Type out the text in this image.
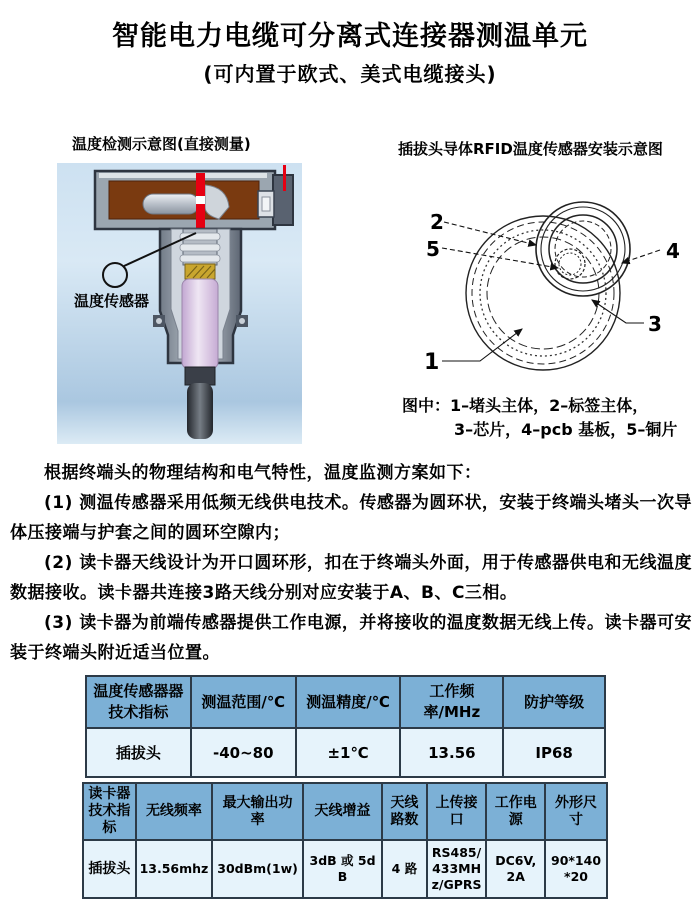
智能电力电缆可分离式连接器测温单元
(可内置于欧式、美式电缆接头)
温度检测示意图(直接测量)	插拔头导体RFID温度传感器安装示意图
温度传感器
2
5	4
3
1
图中：1–堵头主体，2–标签主体，
3–芯片，4–pcb 基板，5–铜片

根据终端头的物理结构和电气特性，温度监测方案如下：

(1) 测温传感器采用低频无线供电技术。传感器为圆环状，安装于终端头堵头一次导体压接端与护套之间的圆环空隙内；

(2) 读卡器天线设计为开口圆环形，扣在于终端头外面，用于传感器供电和无线温度数据接收。读卡器共连接3路天线分别对应安装于A、B、C三相。

(3) 读卡器为前端传感器提供工作电源，并将接收的温度数据无线上传。读卡器可安装于终端头附近适当位置。

温度传感器器技术指标	测温范围/℃	测温精度/℃	工作频率/MHz	防护等级
插拔头	-40~80	±1℃	13.56	IP68
读卡器技术指标	无线频率	最大输出功率	天线增益	天线路数	上传接口	工作电源	外形尺寸
插拔头	13.56mhz	30dBm(1w)	3dB 或 5dB	4 路	RS485/433MHz/GPRS	DC6V, 2A	90*140*20
